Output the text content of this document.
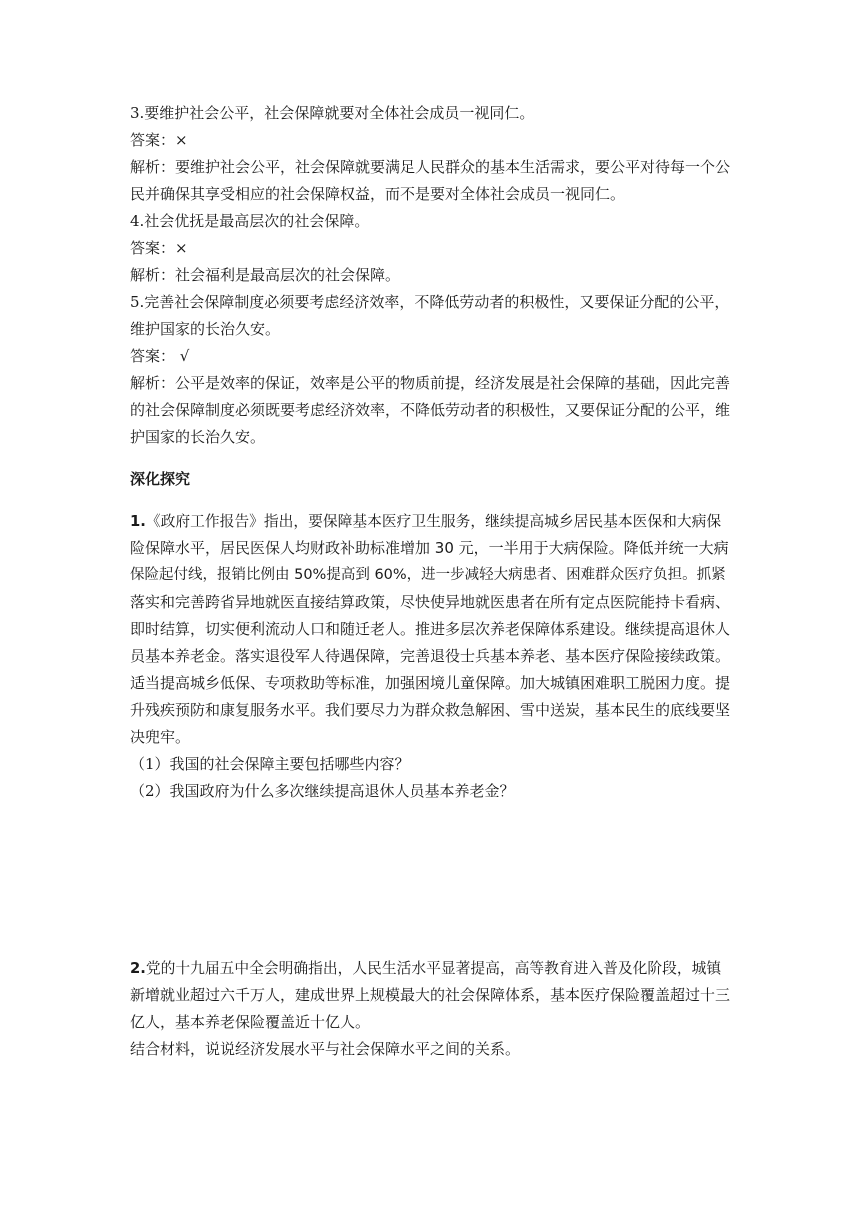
3.要维护社会公平，社会保障就要对全体社会成员一视同仁。

答案：×

解析：要维护社会公平，社会保障就要满足人民群众的基本生活需求，要公平对待每一个公

民并确保其享受相应的社会保障权益，而不是要对全体社会成员一视同仁。

4.社会优抚是最高层次的社会保障。

答案：×

解析：社会福利是最高层次的社会保障。

5.完善社会保障制度必须要考虑经济效率，不降低劳动者的积极性，又要保证分配的公平，

维护国家的长治久安。

答案： √

解析：公平是效率的保证，效率是公平的物质前提，经济发展是社会保障的基础，因此完善

的社会保障制度必须既要考虑经济效率，不降低劳动者的积极性，又要保证分配的公平，维

护国家的长治久安。

深化探究

1.《政府工作报告》指出，要保障基本医疗卫生服务，继续提高城乡居民基本医保和大病保

险保障水平，居民医保人均财政补助标准增加 30 元，一半用于大病保险。降低并统一大病

保险起付线，报销比例由 50%提高到 60%，进一步减轻大病患者、困难群众医疗负担。抓紧

落实和完善跨省异地就医直接结算政策，尽快使异地就医患者在所有定点医院能持卡看病、

即时结算，切实便利流动人口和随迁老人。推进多层次养老保障体系建设。继续提高退休人

员基本养老金。落实退役军人待遇保障，完善退役士兵基本养老、基本医疗保险接续政策。

适当提高城乡低保、专项救助等标准，加强困境儿童保障。加大城镇困难职工脱困力度。提

升残疾预防和康复服务水平。我们要尽力为群众救急解困、雪中送炭，基本民生的底线要坚

决兜牢。

（1）我国的社会保障主要包括哪些内容？

（2）我国政府为什么多次继续提高退休人员基本养老金？

2.党的十九届五中全会明确指出，人民生活水平显著提高，高等教育进入普及化阶段，城镇

新增就业超过六千万人，建成世界上规模最大的社会保障体系，基本医疗保险覆盖超过十三

亿人，基本养老保险覆盖近十亿人。

结合材料，说说经济发展水平与社会保障水平之间的关系。
